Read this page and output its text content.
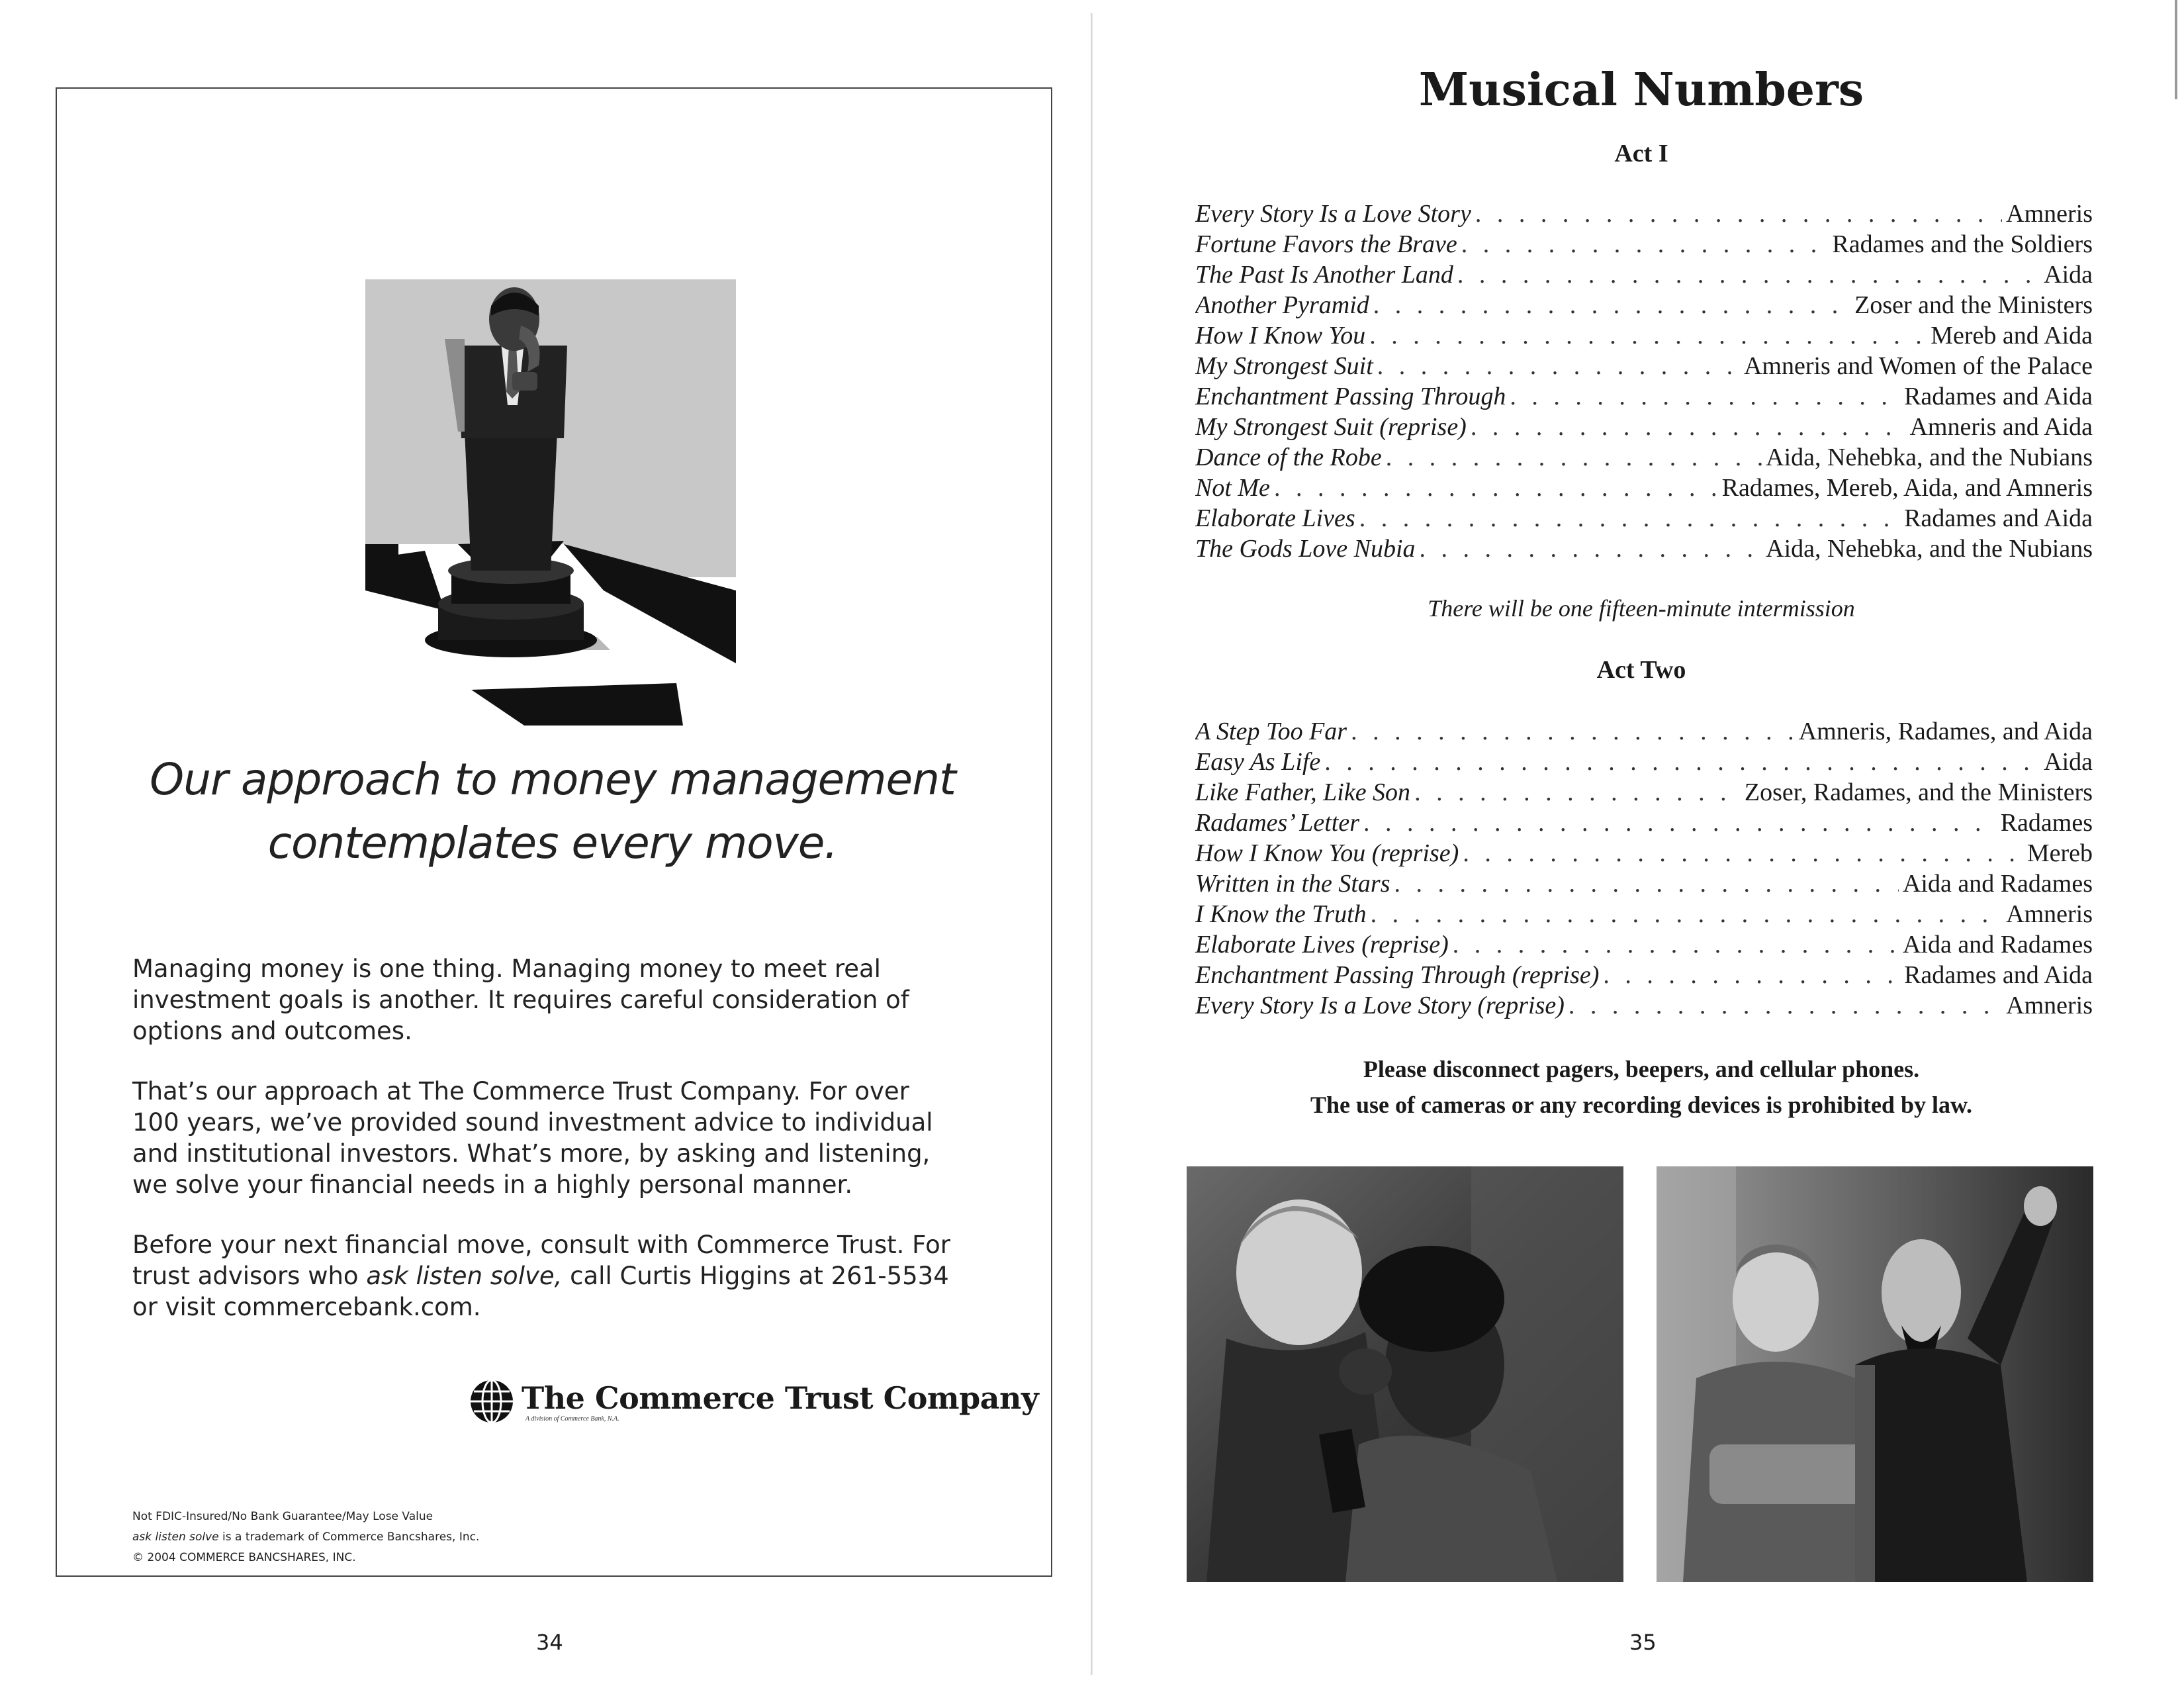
Our approach to money management
contemplates every move.

Managing money is one thing. Managing money to meet real investment goals is another. It requires careful consideration of options and outcomes.

That’s our approach at The Commerce Trust Company. For over 100 years, we’ve provided sound investment advice to individual and institutional investors. What’s more, by asking and listening, we solve your financial needs in a highly personal manner.

Before your next financial move, consult with Commerce Trust. For trust advisors who ask listen solve, call Curtis Higgins at 261-5534 or visit commercebank.com.

The Commerce Trust Company
A division of Commerce Bank, N.A.
Not FDIC-Insured/No Bank Guarantee/May Lose Value
ask listen solve is a trademark of Commerce Bancshares, Inc.
© 2004 COMMERCE BANCSHARES, INC.
34
Musical Numbers
Act I
Every Story Is a Love Story . . .	Amneris
Fortune Favors the Brave . . .	Radames and the Soldiers
The Past Is Another Land . . .	Aida
Another Pyramid . . .	Zoser and the Ministers
How I Know You . . .	Mereb and Aida
My Strongest Suit . . .	Amneris and Women of the Palace
Enchantment Passing Through . . .	Radames and Aida
My Strongest Suit (reprise) . . .	Amneris and Aida
Dance of the Robe . . .	Aida, Nehebka, and the Nubians
Not Me . . .	Radames, Mereb, Aida, and Amneris
Elaborate Lives . . .	Radames and Aida
The Gods Love Nubia . . .	Aida, Nehebka, and the Nubians
There will be one fifteen-minute intermission
Act Two
A Step Too Far . . .	Amneris, Radames, and Aida
Easy As Life . . .	Aida
Like Father, Like Son . . .	Zoser, Radames, and the Ministers
Radames’ Letter . . .	Radames
How I Know You (reprise) . . .	Mereb
Written in the Stars . . .	Aida and Radames
I Know the Truth . . .	Amneris
Elaborate Lives (reprise) . . .	Aida and Radames
Enchantment Passing Through (reprise) . . .	Radames and Aida
Every Story Is a Love Story (reprise) . . .	Amneris
Please disconnect pagers, beepers, and cellular phones.
The use of cameras or any recording devices is prohibited by law.
35
